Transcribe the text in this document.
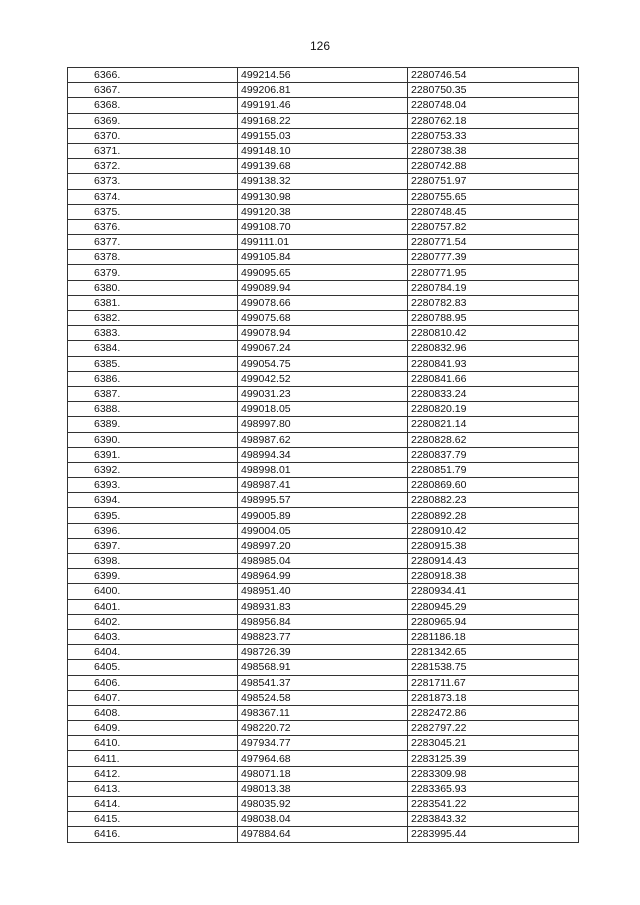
126
6366.	499214.56	2280746.54
6367.	499206.81	2280750.35
6368.	499191.46	2280748.04
6369.	499168.22	2280762.18
6370.	499155.03	2280753.33
6371.	499148.10	2280738.38
6372.	499139.68	2280742.88
6373.	499138.32	2280751.97
6374.	499130.98	2280755.65
6375.	499120.38	2280748.45
6376.	499108.70	2280757.82
6377.	499111.01	2280771.54
6378.	499105.84	2280777.39
6379.	499095.65	2280771.95
6380.	499089.94	2280784.19
6381.	499078.66	2280782.83
6382.	499075.68	2280788.95
6383.	499078.94	2280810.42
6384.	499067.24	2280832.96
6385.	499054.75	2280841.93
6386.	499042.52	2280841.66
6387.	499031.23	2280833.24
6388.	499018.05	2280820.19
6389.	498997.80	2280821.14
6390.	498987.62	2280828.62
6391.	498994.34	2280837.79
6392.	498998.01	2280851.79
6393.	498987.41	2280869.60
6394.	498995.57	2280882.23
6395.	499005.89	2280892.28
6396.	499004.05	2280910.42
6397.	498997.20	2280915.38
6398.	498985.04	2280914.43
6399.	498964.99	2280918.38
6400.	498951.40	2280934.41
6401.	498931.83	2280945.29
6402.	498956.84	2280965.94
6403.	498823.77	2281186.18
6404.	498726.39	2281342.65
6405.	498568.91	2281538.75
6406.	498541.37	2281711.67
6407.	498524.58	2281873.18
6408.	498367.11	2282472.86
6409.	498220.72	2282797.22
6410.	497934.77	2283045.21
6411.	497964.68	2283125.39
6412.	498071.18	2283309.98
6413.	498013.38	2283365.93
6414.	498035.92	2283541.22
6415.	498038.04	2283843.32
6416.	497884.64	2283995.44
